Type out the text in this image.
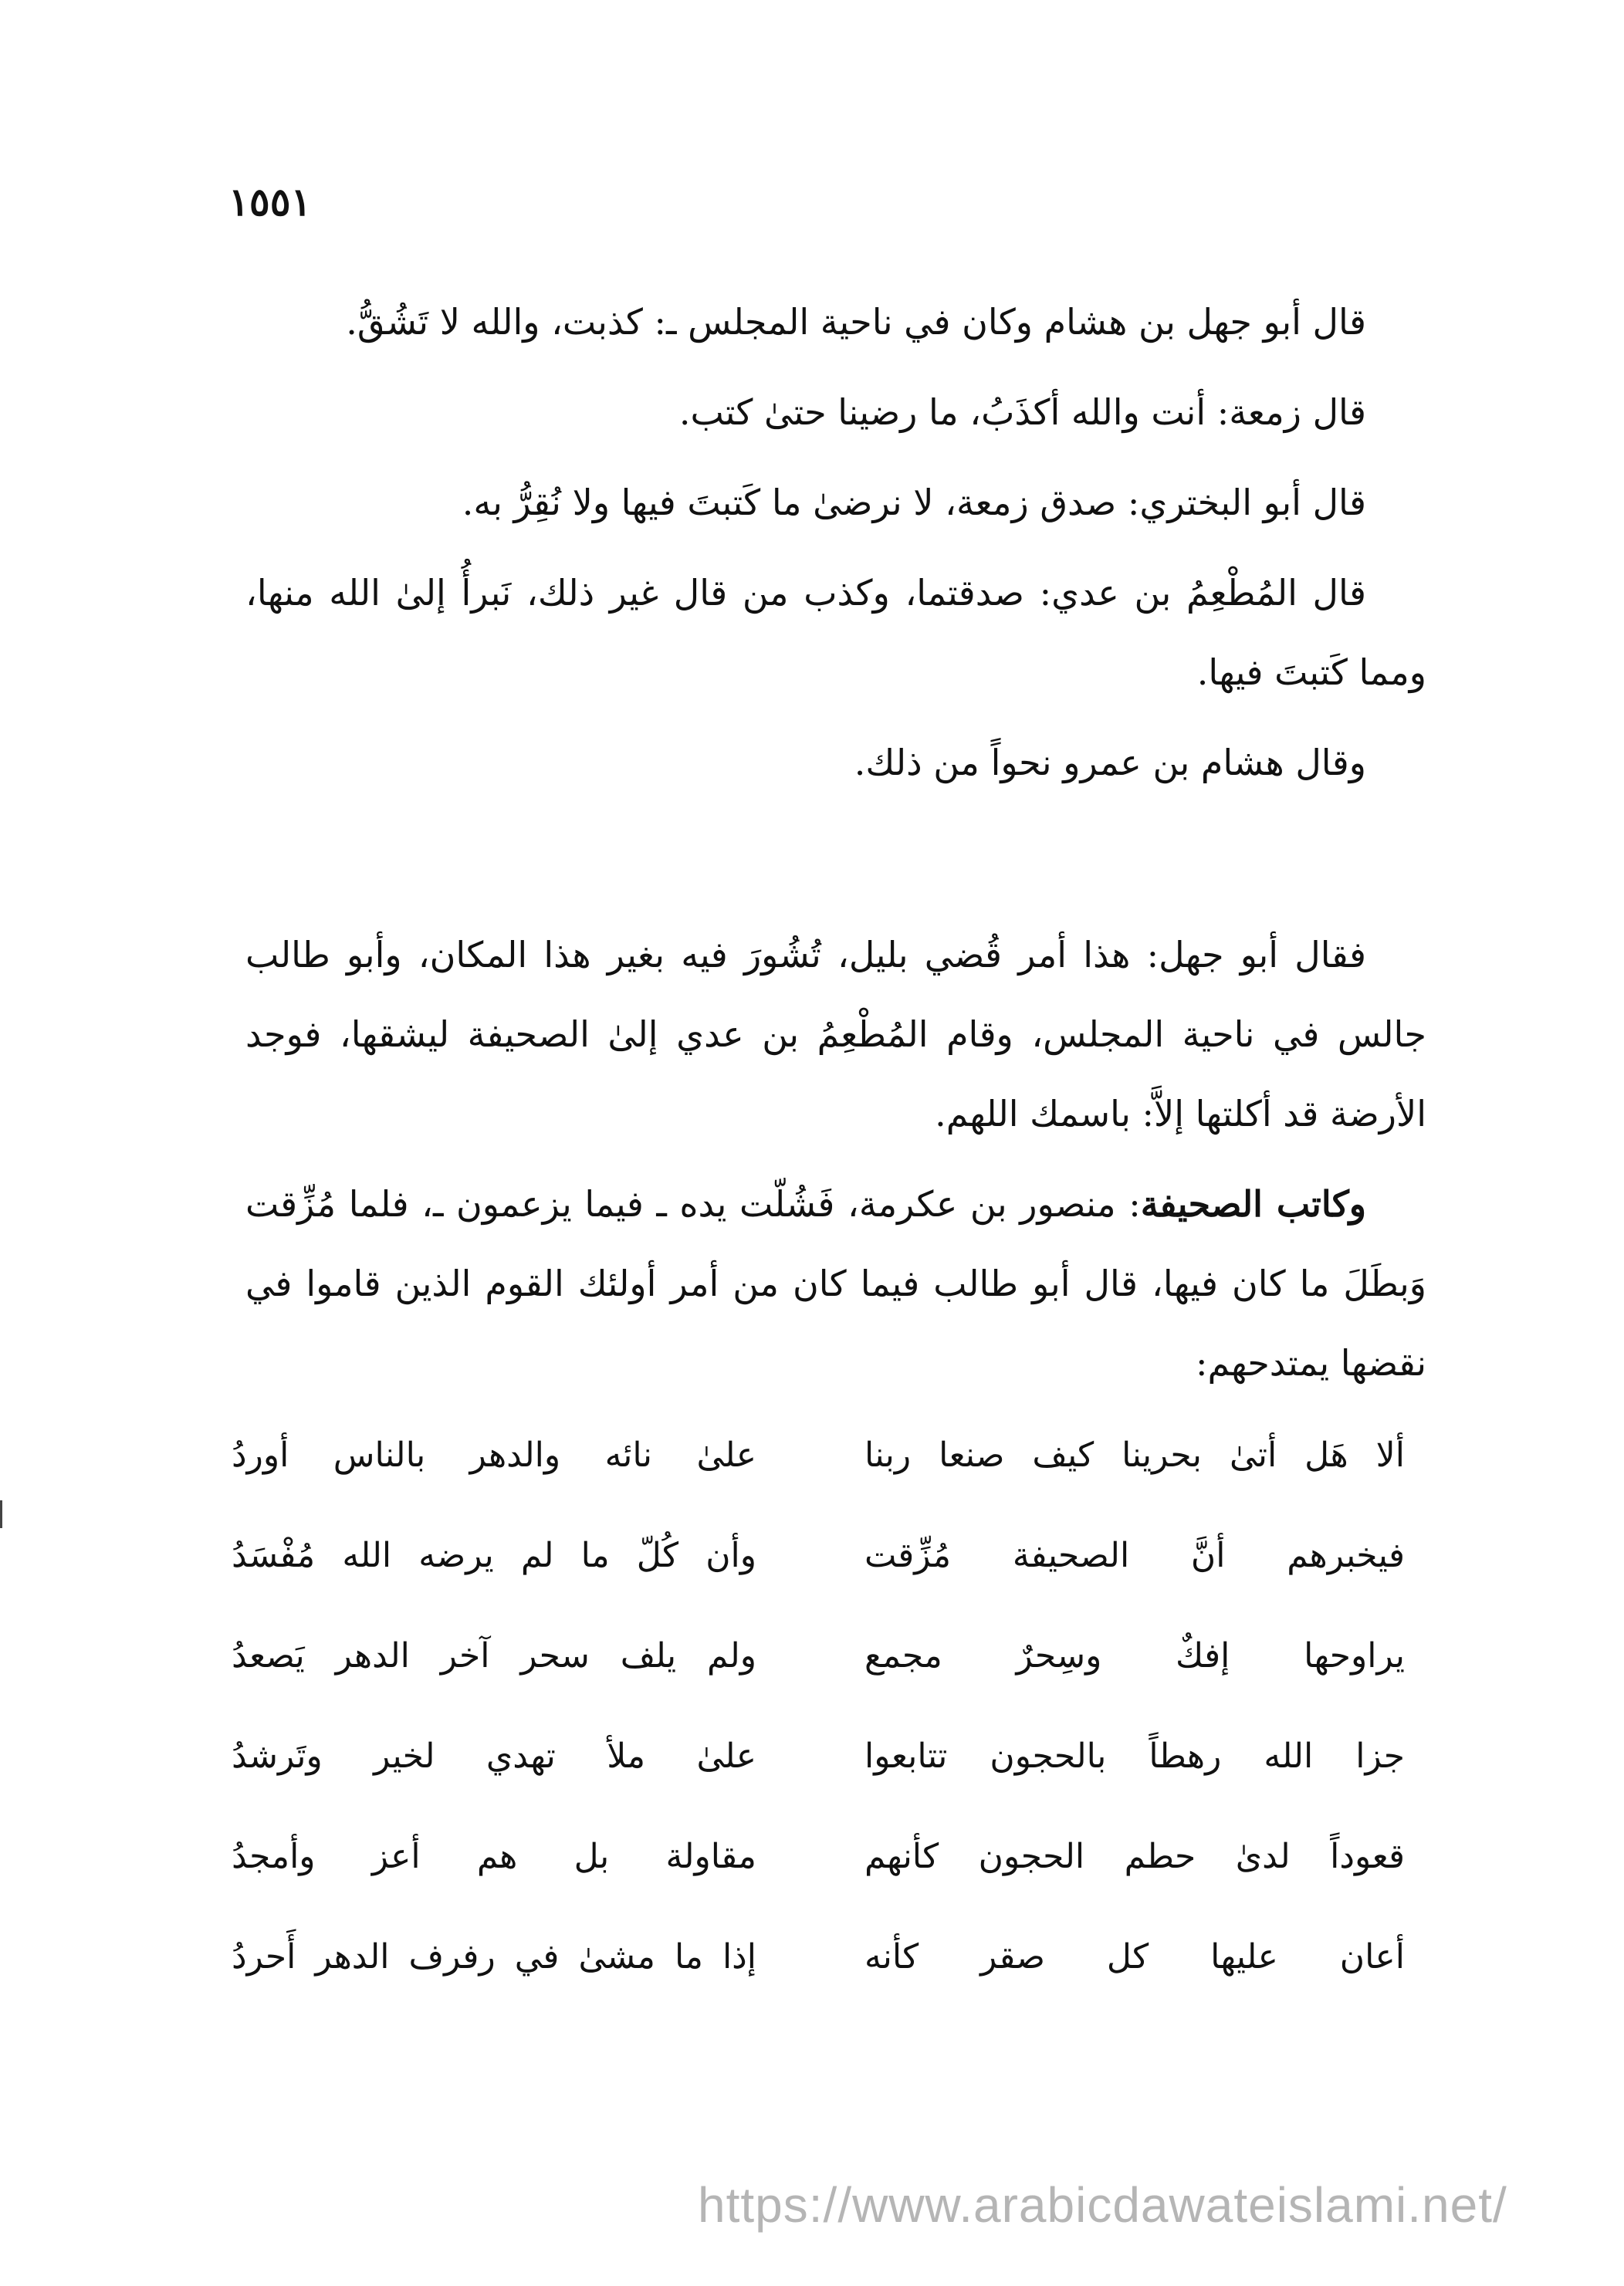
١٥٥١

قال أبو جهل بن هشام وكان في ناحية المجلس ـ: كذبت، والله لا تَشُقُّ.

قال زمعة: أنت والله أكذَبُ، ما رضينا حتىٰ كتب.

قال أبو البختري: صدق زمعة، لا نرضىٰ ما كَتبتَ فيها ولا نُقِرُّ به.

قال المُطْعِمُ بن عدي: صدقتما، وكذب من قال غير ذلك، نَبرأُ إلىٰ الله منها، ومما كَتبتَ فيها.

وقال هشام بن عمرو نحواً من ذلك.

فقال أبو جهل: هذا أمر قُضي بليل، تُشُورَ فيه بغير هذا المكان، وأبو طالب جالس في ناحية المجلس، وقام المُطْعِمُ بن عدي إلىٰ الصحيفة ليشقها، فوجد الأرضة قد أكلتها إلاَّ: باسمك اللهم.

وكاتب الصحيفة: منصور بن عكرمة، فَشُلّت يده ـ فيما يزعمون ـ، فلما مُزِّقت وَبطَلَ ما كان فيها، قال أبو طالب فيما كان من أمر أولئك القوم الذين قاموا في نقضها يمتدحهم:

ألا هَل أتىٰ بحرينا كيف صنعا ربنا
علىٰ نائه والدهر بالناس أوردُ
فيخبرهم أنَّ الصحيفة مُزِّقت
وأن كُلّ ما لم يرضه الله مُفْسَدُ
يراوحها إفكٌ وسِحرٌ مجمع
ولم يلف سحر آخر الدهر يَصعدُ
جزا الله رهطاً بالحجون تتابعوا
علىٰ ملأ تهدي لخير وتَرشدُ
قعوداً لدىٰ حطم الحجون كأنهم
مقاولة بل هم أعز وأمجدُ
أعان عليها كل صقر كأنه
إذا ما مشىٰ في رفرف الدهر أَحردُ
https://www.arabicdawateislami.net/
